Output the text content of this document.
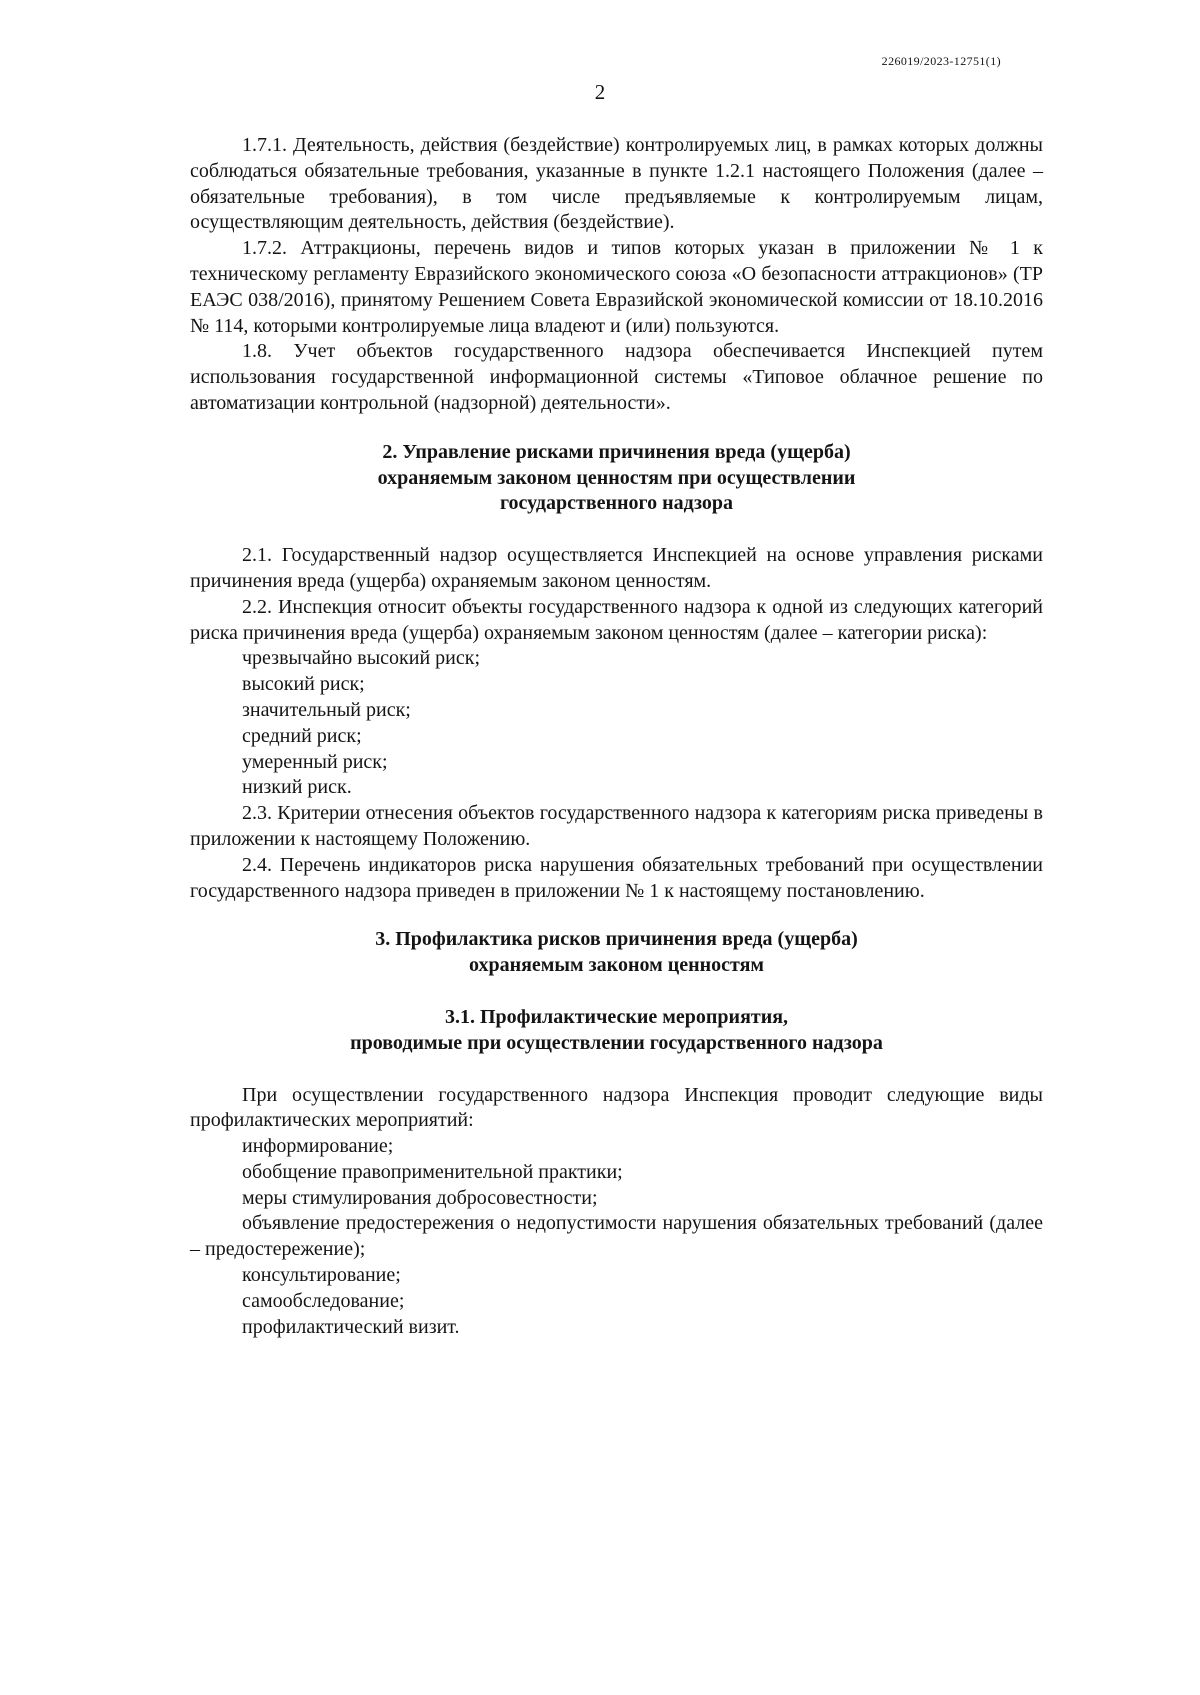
226019/2023-12751(1)
2

1.7.1. Деятельность, действия (бездействие) контролируемых лиц, в рамках которых должны соблюдаться обязательные требования, указанные в пункте 1.2.1 настоящего Положения (далее – обязательные требования), в том числе предъявляемые к контролируемым лицам, осуществляющим деятельность, действия (бездействие).

1.7.2. Аттракционы, перечень видов и типов которых указан в приложении № 1 к техническому регламенту Евразийского экономического союза «О безопасности аттракционов» (ТР ЕАЭС 038/2016), принятому Решением Совета Евразийской экономической комиссии от 18.10.2016 № 114, которыми контролируемые лица владеют и (или) пользуются.

1.8. Учет объектов государственного надзора обеспечивается Инспекцией путем использования государственной информационной системы «Типовое облачное решение по автоматизации контрольной (надзорной) деятельности».

2. Управление рисками причинения вреда (ущерба)

охраняемым законом ценностям при осуществлении

государственного надзора

2.1. Государственный надзор осуществляется Инспекцией на основе управления рисками причинения вреда (ущерба) охраняемым законом ценностям.

2.2. Инспекция относит объекты государственного надзора к одной из следующих категорий риска причинения вреда (ущерба) охраняемым законом ценностям (далее – категории риска):

чрезвычайно высокий риск;

высокий риск;

значительный риск;

средний риск;

умеренный риск;

низкий риск.

2.3. Критерии отнесения объектов государственного надзора к категориям риска приведены в приложении к настоящему Положению.

2.4. Перечень индикаторов риска нарушения обязательных требований при осуществлении государственного надзора приведен в приложении № 1 к настоящему постановлению.

3. Профилактика рисков причинения вреда (ущерба)

охраняемым законом ценностям

3.1. Профилактические мероприятия,

проводимые при осуществлении государственного надзора

При осуществлении государственного надзора Инспекция проводит следующие виды профилактических мероприятий:

информирование;

обобщение правоприменительной практики;

меры стимулирования добросовестности;

объявление предостережения о недопустимости нарушения обязательных требований (далее – предостережение);

консультирование;

самообследование;

профилактический визит.
